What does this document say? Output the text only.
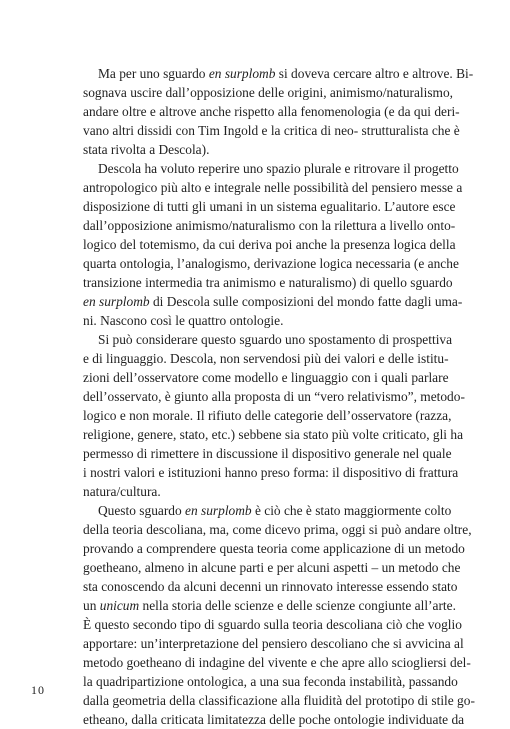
Ma per uno sguardo en surplomb si doveva cercare altro e altrove. Bi-
sognava uscire dall’opposizione delle origini, animismo/naturalismo,
andare oltre e altrove anche rispetto alla fenomenologia (e da qui deri-
vano altri dissidi con Tim Ingold e la critica di neo- strutturalista che è
stata rivolta a Descola).
Descola ha voluto reperire uno spazio plurale e ritrovare il progetto
antropologico più alto e integrale nelle possibilità del pensiero messe a
disposizione di tutti gli umani in un sistema egualitario. L’autore esce
dall’opposizione animismo/naturalismo con la rilettura a livello onto-
logico del totemismo, da cui deriva poi anche la presenza logica della
quarta ontologia, l’analogismo, derivazione logica necessaria (e anche
transizione intermedia tra animismo e naturalismo) di quello sguardo
en surplomb di Descola sulle composizioni del mondo fatte dagli uma-
ni. Nascono così le quattro ontologie.
Si può considerare questo sguardo uno spostamento di prospettiva
e di linguaggio. Descola, non servendosi più dei valori e delle istitu-
zioni dell’osservatore come modello e linguaggio con i quali parlare
dell’osservato, è giunto alla proposta di un “vero relativismo”, metodo-
logico e non morale. Il rifiuto delle categorie dell’osservatore (razza,
religione, genere, stato, etc.) sebbene sia stato più volte criticato, gli ha
permesso di rimettere in discussione il dispositivo generale nel quale
i nostri valori e istituzioni hanno preso forma: il dispositivo di frattura
natura/cultura.
Questo sguardo en surplomb è ciò che è stato maggiormente colto
della teoria descoliana, ma, come dicevo prima, oggi si può andare oltre,
provando a comprendere questa teoria come applicazione di un metodo
goetheano, almeno in alcune parti e per alcuni aspetti – un metodo che
sta conoscendo da alcuni decenni un rinnovato interesse essendo stato
un unicum nella storia delle scienze e delle scienze congiunte all’arte.
È questo secondo tipo di sguardo sulla teoria descoliana ciò che voglio
apportare: un’interpretazione del pensiero descoliano che si avvicina al
metodo goetheano di indagine del vivente e che apre allo sciogliersi del-
la quadripartizione ontologica, a una sua feconda instabilità, passando
dalla geometria della classificazione alla fluidità del prototipo di stile go-
etheano, dalla criticata limitatezza delle poche ontologie individuate da
10
